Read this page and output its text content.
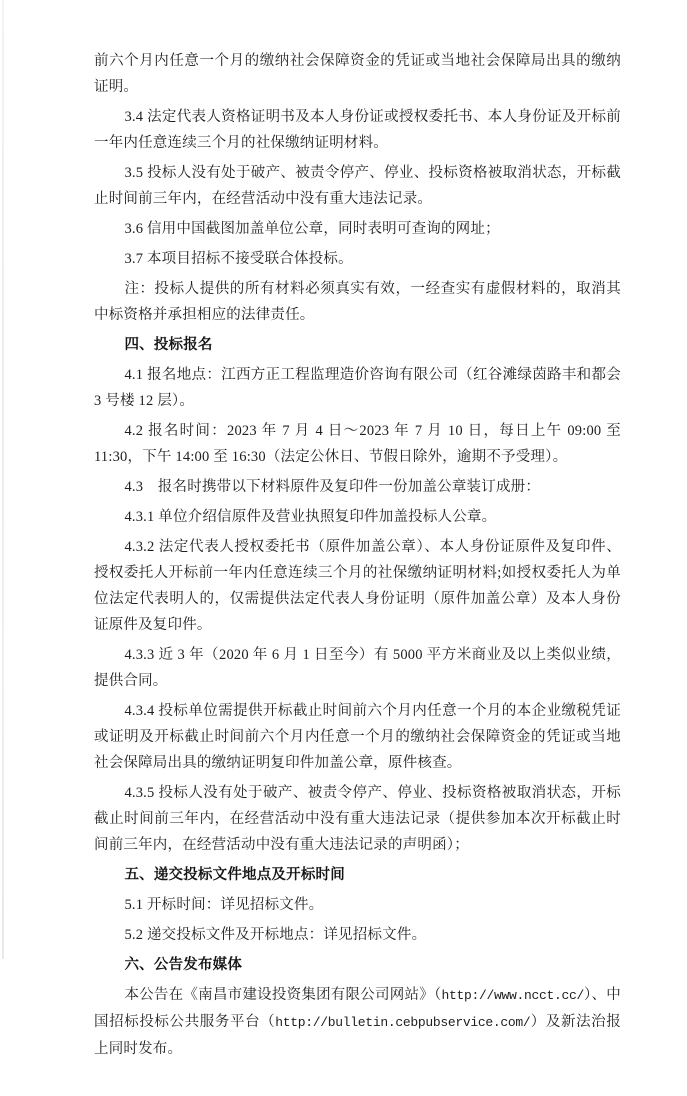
前六个月内任意一个月的缴纳社会保障资金的凭证或当地社会保障局出具的缴纳证明。

3.4 法定代表人资格证明书及本人身份证或授权委托书、本人身份证及开标前一年内任意连续三个月的社保缴纳证明材料。

3.5 投标人没有处于破产、被责令停产、停业、投标资格被取消状态，开标截止时间前三年内，在经营活动中没有重大违法记录。

3.6 信用中国截图加盖单位公章，同时表明可查询的网址；

3.7 本项目招标不接受联合体投标。

注：投标人提供的所有材料必须真实有效，一经查实有虚假材料的，取消其中标资格并承担相应的法律责任。

四、投标报名

4.1 报名地点：江西方正工程监理造价咨询有限公司（红谷滩绿茵路丰和都会 3 号楼 12 层）。

4.2 报名时间：2023 年 7 月 4 日～2023 年 7 月 10 日，每日上午 09:00 至 11:30，下午 14:00 至 16:30（法定公休日、节假日除外，逾期不予受理）。

4.3　报名时携带以下材料原件及复印件一份加盖公章装订成册：

4.3.1 单位介绍信原件及营业执照复印件加盖投标人公章。

4.3.2 法定代表人授权委托书（原件加盖公章）、本人身份证原件及复印件、授权委托人开标前一年内任意连续三个月的社保缴纳证明材料;如授权委托人为单位法定代表明人的，仅需提供法定代表人身份证明（原件加盖公章）及本人身份证原件及复印件。

4.3.3 近 3 年（2020 年 6 月 1 日至今）有 5000 平方米商业及以上类似业绩，提供合同。

4.3.4 投标单位需提供开标截止时间前六个月内任意一个月的本企业缴税凭证或证明及开标截止时间前六个月内任意一个月的缴纳社会保障资金的凭证或当地社会保障局出具的缴纳证明复印件加盖公章，原件核查。

4.3.5 投标人没有处于破产、被责令停产、停业、投标资格被取消状态，开标截止时间前三年内，在经营活动中没有重大违法记录（提供参加本次开标截止时间前三年内，在经营活动中没有重大违法记录的声明函）；

五、递交投标文件地点及开标时间

5.1 开标时间：详见招标文件。

5.2 递交投标文件及开标地点：详见招标文件。

六、公告发布媒体

本公告在《南昌市建设投资集团有限公司网站》（http://www.ncct.cc/）、中国招标投标公共服务平台（http://bulletin.cebpubservice.com/）及新法治报上同时发布。
